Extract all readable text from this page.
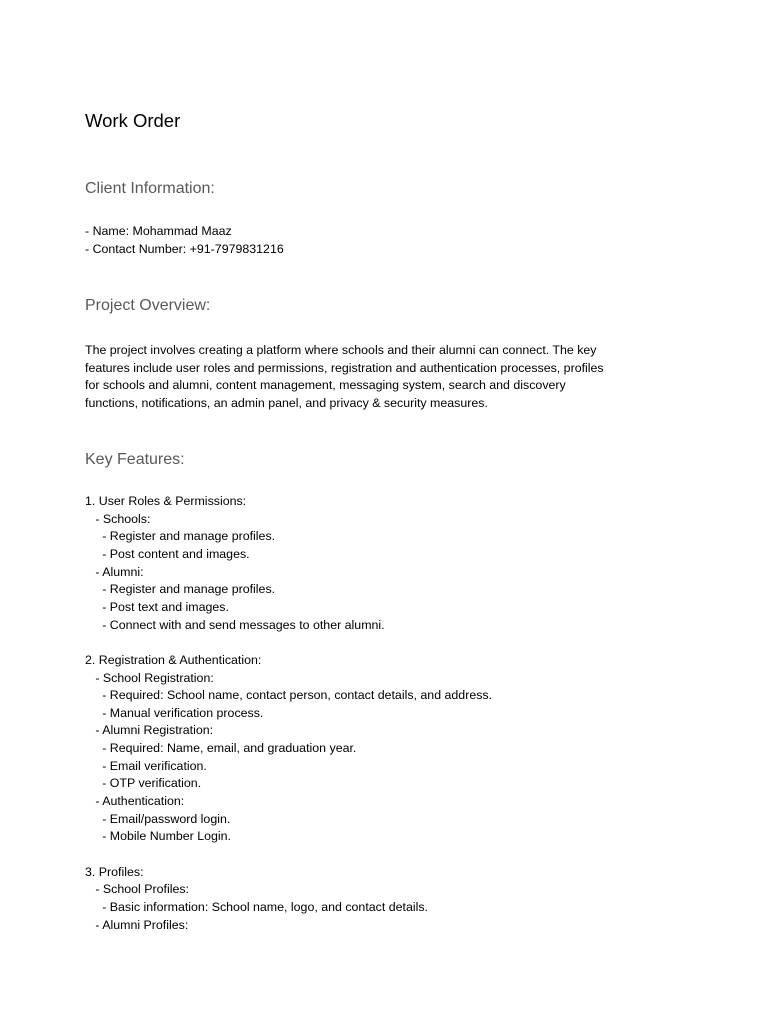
Work Order
Client Information:

- Name: Mohammad Maaz

- Contact Number: +91-7979831216

Project Overview:

The project involves creating a platform where schools and their alumni can connect. The key features include user roles and permissions, registration and authentication processes, profiles for schools and alumni, content management, messaging system, search and discovery functions, notifications, an admin panel, and privacy & security measures.

Key Features:

1. User Roles & Permissions:

- Schools:

- Register and manage profiles.

- Post content and images.

- Alumni:

- Register and manage profiles.

- Post text and images.

- Connect with and send messages to other alumni.

2. Registration & Authentication:

- School Registration:

- Required: School name, contact person, contact details, and address.

- Manual verification process.

- Alumni Registration:

- Required: Name, email, and graduation year.

- Email verification.

- OTP verification.

- Authentication:

- Email/password login.

- Mobile Number Login.

3. Profiles:

- School Profiles:

- Basic information: School name, logo, and contact details.

- Alumni Profiles:
